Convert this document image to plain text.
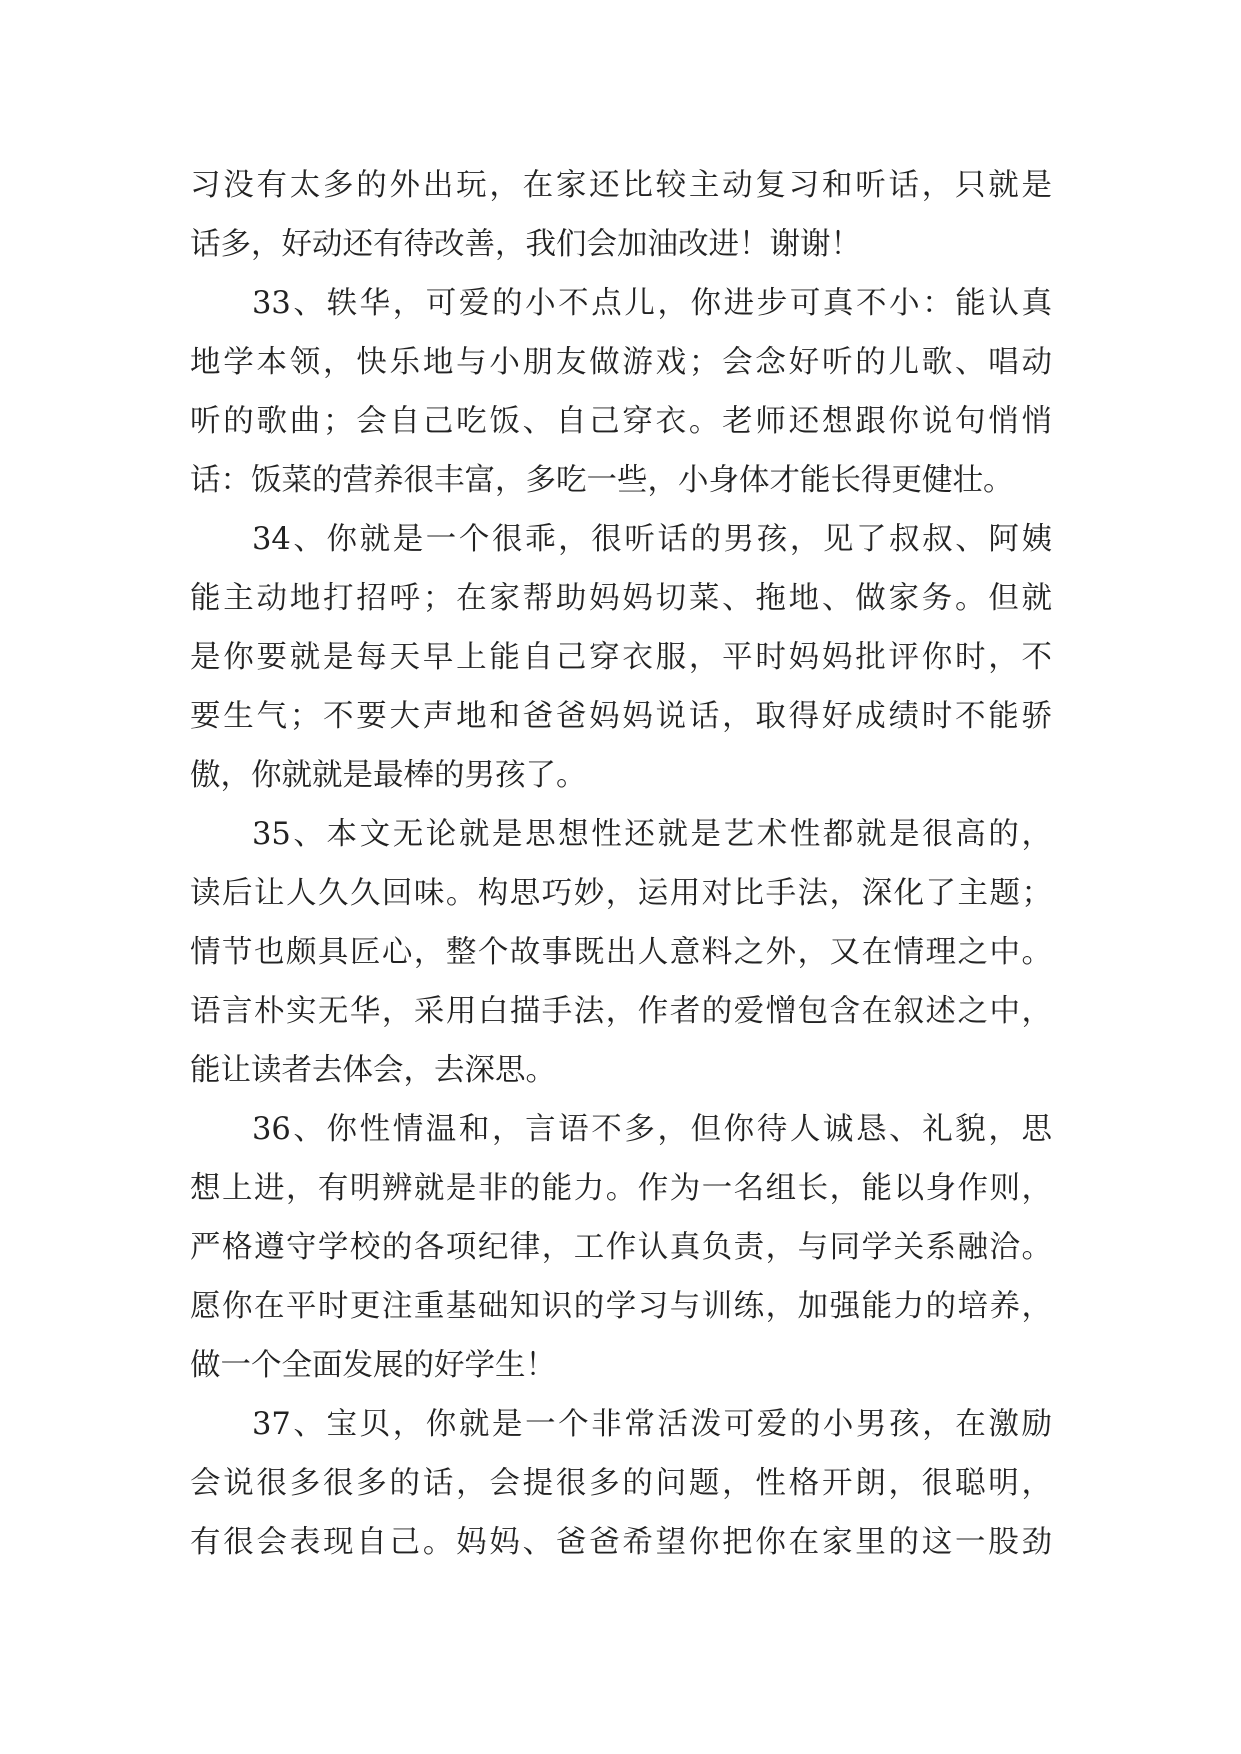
习没有太多的外出玩，在家还比较主动复习和听话，只就是
话多，好动还有待改善，我们会加油改进！谢谢！
33、轶华，可爱的小不点儿，你进步可真不小：能认真
地学本领，快乐地与小朋友做游戏；会念好听的儿歌、唱动
听的歌曲；会自己吃饭、自己穿衣。老师还想跟你说句悄悄
话：饭菜的营养很丰富，多吃一些，小身体才能长得更健壮。
34、你就是一个很乖，很听话的男孩，见了叔叔、阿姨
能主动地打招呼；在家帮助妈妈切菜、拖地、做家务。但就
是你要就是每天早上能自己穿衣服，平时妈妈批评你时，不
要生气；不要大声地和爸爸妈妈说话，取得好成绩时不能骄
傲，你就就是最棒的男孩了。
35、本文无论就是思想性还就是艺术性都就是很高的，
读后让人久久回味。构思巧妙，运用对比手法，深化了主题；
情节也颇具匠心，整个故事既出人意料之外，又在情理之中。
语言朴实无华，采用白描手法，作者的爱憎包含在叙述之中，
能让读者去体会，去深思。
36、你性情温和，言语不多，但你待人诚恳、礼貌，思
想上进，有明辨就是非的能力。作为一名组长，能以身作则，
严格遵守学校的各项纪律，工作认真负责，与同学关系融洽。
愿你在平时更注重基础知识的学习与训练，加强能力的培养，
做一个全面发展的好学生！
37、宝贝，你就是一个非常活泼可爱的小男孩，在激励
会说很多很多的话，会提很多的问题，性格开朗，很聪明，
有很会表现自己。妈妈、爸爸希望你把你在家里的这一股劲
